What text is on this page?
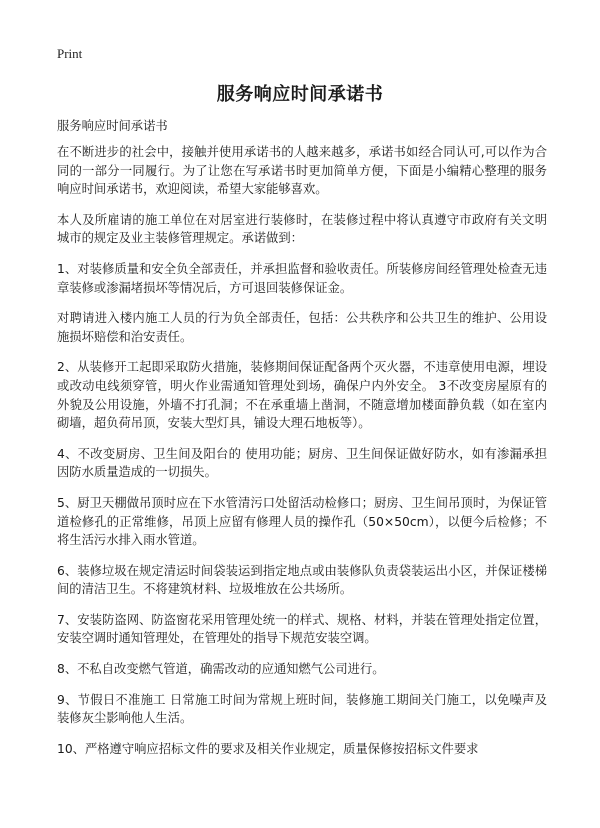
Print
服务响应时间承诺书

服务响应时间承诺书

在不断进步的社会中，接触并使用承诺书的人越来越多，承诺书如经合同认可,可以作为合同的一部分一同履行。为了让您在写承诺书时更加简单方便，下面是小编精心整理的服务响应时间承诺书，欢迎阅读，希望大家能够喜欢。

本人及所雇请的施工单位在对居室进行装修时，在装修过程中将认真遵守市政府有关文明城市的规定及业主装修管理规定。承诺做到：

1、对装修质量和安全负全部责任，并承担监督和验收责任。所装修房间经管理处检查无违章装修或渗漏堵损坏等情况后，方可退回装修保证金。

对聘请进入楼内施工人员的行为负全部责任，包括：公共秩序和公共卫生的维护、公用设施损坏赔偿和治安责任。

2、从装修开工起即采取防火措施，装修期间保证配备两个灭火器，不违章使用电源，埋设或改动电线须穿管，明火作业需通知管理处到场，确保户内外安全。 3不改变房屋原有的外貌及公用设施，外墙不打孔洞；不在承重墙上凿洞，不随意增加楼面静负载（如在室内砌墙，超负荷吊顶，安装大型灯具，铺设大理石地板等）。

4、不改变厨房、卫生间及阳台的 使用功能；厨房、卫生间保证做好防水，如有渗漏承担因防水质量造成的一切损失。

5、厨卫天棚做吊顶时应在下水管清污口处留活动检修口；厨房、卫生间吊顶时，为保证管道检修孔的正常维修，吊顶上应留有修理人员的操作孔（50×50cm），以便今后检修；不将生活污水排入雨水管道。

6、装修垃圾在规定清运时间袋装运到指定地点或由装修队负责袋装运出小区，并保证楼梯间的清洁卫生。不将建筑材料、垃圾堆放在公共场所。

7、安装防盗网、防盗窗花采用管理处统一的样式、规格、材料，并装在管理处指定位置，安装空调时通知管理处，在管理处的指导下规范安装空调。

8、不私自改变燃气管道，确需改动的应通知燃气公司进行。

9、节假日不准施工 日常施工时间为常规上班时间，装修施工期间关门施工，以免噪声及装修灰尘影响他人生活。

10、严格遵守响应招标文件的要求及相关作业规定，质量保修按招标文件要求
